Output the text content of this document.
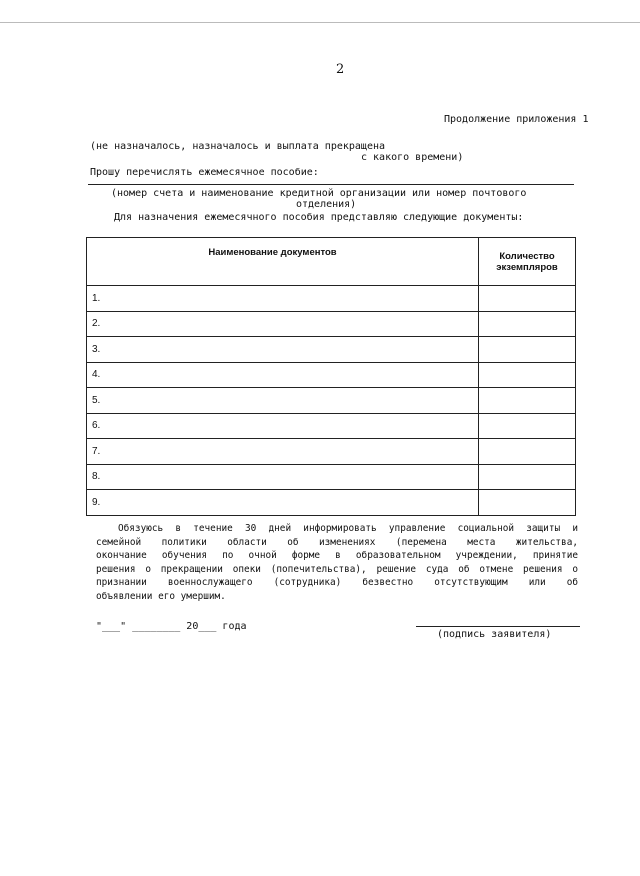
2
Продолжение приложения 1
(не назначалось, назначалось и выплата прекращена
с какого времени)
Прошу перечислять ежемесячное пособие:
(номер счета и наименование кредитной организации или номер почтового
отделения)
Для назначения ежемесячного пособия представляю следующие документы:
Наименование документов	Количество
экземпляров
1.	
2.	
3.	
4.	
5.	
6.	
7.	
8.	
9.	
Обязуюсь в течение 30 дней информировать управление социальной защиты и
семейной политики области об изменениях (перемена места жительства,
окончание обучения по очной форме в образовательном учреждении, принятие
решения о прекращении опеки (попечительства), решение суда об отмене решения о
признании военнослужащего (сотрудника) безвестно отсутствующим или об
объявлении его умершим.
"___" ________ 20___ года
(подпись заявителя)
